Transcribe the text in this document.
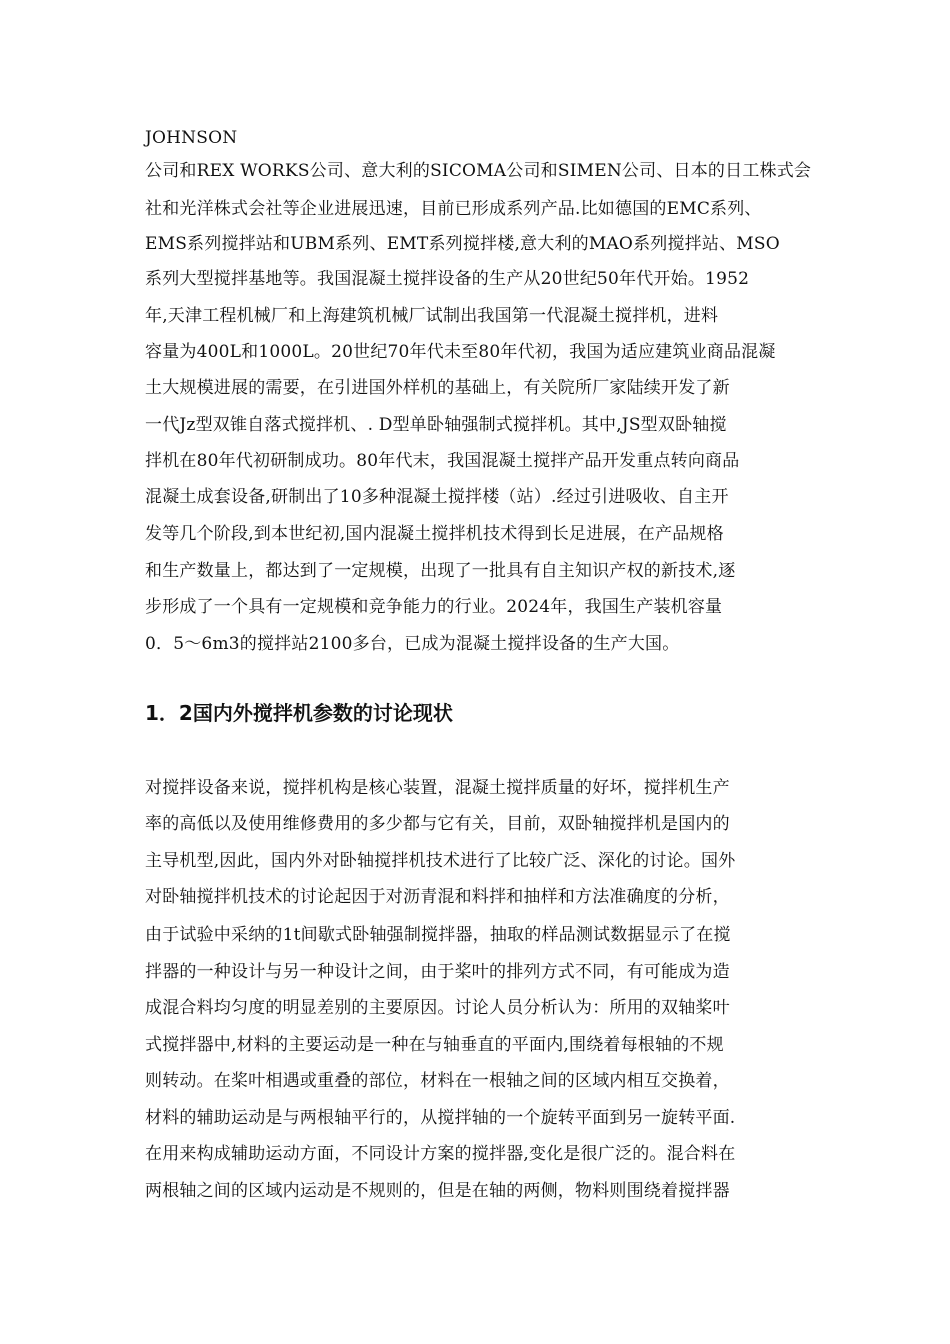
JOHNSON
公司和REX WORKS公司、意大利的SICOMA公司和SIMEN公司、日本的日工株式会
社和光洋株式会社等企业进展迅速，目前已形成系列产品.比如德国的EMC系列、
EMS系列搅拌站和UBM系列、EMT系列搅拌楼,意大利的MAO系列搅拌站、MSO
系列大型搅拌基地等。我国混凝土搅拌设备的生产从20世纪50年代开始。1952
年,天津工程机械厂和上海建筑机械厂试制出我国第一代混凝土搅拌机，进料
容量为400L和1000L。20世纪70年代未至80年代初，我国为适应建筑业商品混凝
土大规模进展的需要，在引进国外样机的基础上，有关院所厂家陆续开发了新
一代Jz型双锥自落式搅拌机、. D型单卧轴强制式搅拌机。其中,JS型双卧轴搅
拌机在80年代初研制成功。80年代末，我国混凝土搅拌产品开发重点转向商品
混凝土成套设备,研制出了10多种混凝土搅拌楼（站）.经过引进吸收、自主开
发等几个阶段,到本世纪初,国内混凝土搅拌机技术得到长足进展，在产品规格
和生产数量上，都达到了一定规模，出现了一批具有自主知识产权的新技术,逐
步形成了一个具有一定规模和竞争能力的行业。2024年，我国生产装机容量
0．5～6m3的搅拌站2100多台，已成为混凝土搅拌设备的生产大国。
1．2国内外搅拌机参数的讨论现状
对搅拌设备来说，搅拌机构是核心装置，混凝土搅拌质量的好坏，搅拌机生产
率的高低以及使用维修费用的多少都与它有关，目前，双卧轴搅拌机是国内的
主导机型,因此，国内外对卧轴搅拌机技术进行了比较广泛、深化的讨论。国外
对卧轴搅拌机技术的讨论起因于对沥青混和料拌和抽样和方法准确度的分析，
由于试验中采纳的1t间歇式卧轴强制搅拌器，抽取的样品测试数据显示了在搅
拌器的一种设计与另一种设计之间，由于桨叶的排列方式不同，有可能成为造
成混合料均匀度的明显差别的主要原因。讨论人员分析认为：所用的双轴桨叶
式搅拌器中,材料的主要运动是一种在与轴垂直的平面内,围绕着每根轴的不规
则转动。在桨叶相遇或重叠的部位，材料在一根轴之间的区域内相互交换着，
材料的辅助运动是与两根轴平行的，从搅拌轴的一个旋转平面到另一旋转平面.
在用来构成辅助运动方面，不同设计方案的搅拌器,变化是很广泛的。混合料在
两根轴之间的区域内运动是不规则的，但是在轴的两侧，物料则围绕着搅拌器
